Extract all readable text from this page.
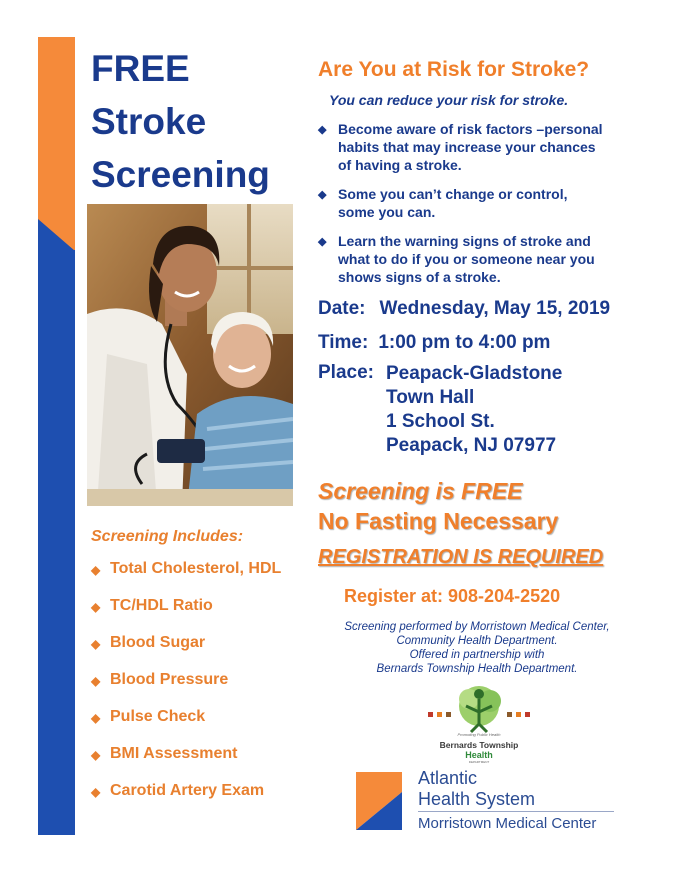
FREE
Stroke
Screening
Screening Includes:
◆ Total Cholesterol, HDL
◆ TC/HDL Ratio
◆ Blood Sugar
◆ Blood Pressure
◆ Pulse Check
◆ BMI Assessment
◆ Carotid Artery Exam
Are You at Risk for Stroke?
You can reduce your risk for stroke.
◆ Become aware of risk factors –personal
habits that may increase your chances
of having a stroke.
◆ Some you can’t change or control,
some you can.
◆ Learn the warning signs of stroke and
what to do if you or someone near you
shows signs of a stroke.
Date: Wednesday, May 15, 2019
Time: 1:00 pm to 4:00 pm
Place: Peapack-Gladstone
Town Hall
1 School St.
Peapack, NJ 07977
Screening is FREE
No Fasting Necessary
REGISTRATION IS REQUIRED
Register at: 908-204-2520
Screening performed by Morristown Medical Center,
Community Health Department.
Offered in partnership with
Bernards Township Health Department.
Promoting Public Health
Bernards Township
Health
DEPARTMENT
Atlantic
Health System
Morristown Medical Center
